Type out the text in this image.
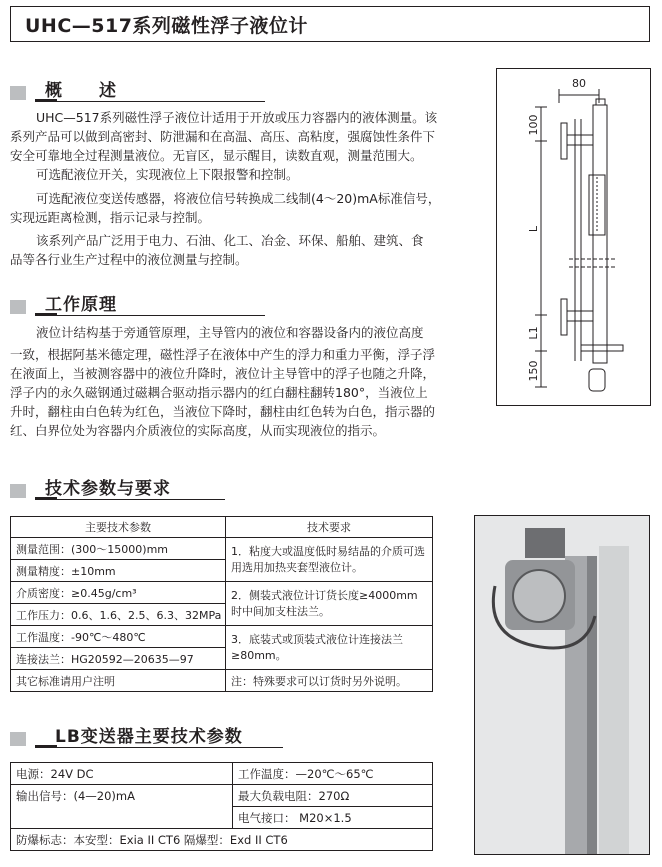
UHC—517系列磁性浮子液位计
概　　述
UHC—517系列磁性浮子液位计适用于开放或压力容器内的液体测量。该
系列产品可以做到高密封、防泄漏和在高温、高压、高粘度，强腐蚀性条件下
安全可靠地全过程测量液位。无盲区，显示醒目，读数直观，测量范围大。
可选配液位开关，实现液位上下限报警和控制。
可选配液位变送传感器，将液位信号转换成二线制(4～20)mA标准信号，
实现远距离检测，指示记录与控制。
该系列产品广泛用于电力、石油、化工、冶金、环保、船舶、建筑、食
品等各行业生产过程中的液位测量与控制。
工作原理
液位计结构基于旁通管原理，主导管内的液位和容器设备内的液位高度
一致，根据阿基米德定理，磁性浮子在液体中产生的浮力和重力平衡，浮子浮
在液面上，当被测容器中的液位升降时，液位计主导管中的浮子也随之升降，
浮子内的永久磁钢通过磁耦合驱动指示器内的红白翻柱翻转180°，当液位上
升时，翻柱由白色转为红色，当液位下降时，翻柱由红色转为白色，指示器的
红、白界位处为容器内介质液位的实际高度，从而实现液位的指示。
80
100
L
L1
150
技术参数与要求
主要技术参数	技术要求
测量范围：(300～15000)mm	1．粘度大或温度低时易结晶的介质可选用选用加热夹套型液位计。
测量精度：±10mm	
介质密度：≥0.45g/cm³	2．侧装式液位计订货长度≥4000mm时中间加支柱法兰。
工作压力：0.6、1.6、2.5、6.3、32MPa	
工作温度：-90℃～480℃	3．底装式或顶装式液位计连接法兰≥80mm。
连接法兰：HG20592—20635—97	
其它标准请用户注明	注：特殊要求可以订货时另外说明。
LB变送器主要技术参数
电源：24V DC	工作温度：—20℃～65℃
输出信号：(4—20)mA	最大负载电阻：270Ω
	电气接口： M20×1.5
防爆标志：本安型：Exia II CT6 隔爆型：Exd II CT6	
